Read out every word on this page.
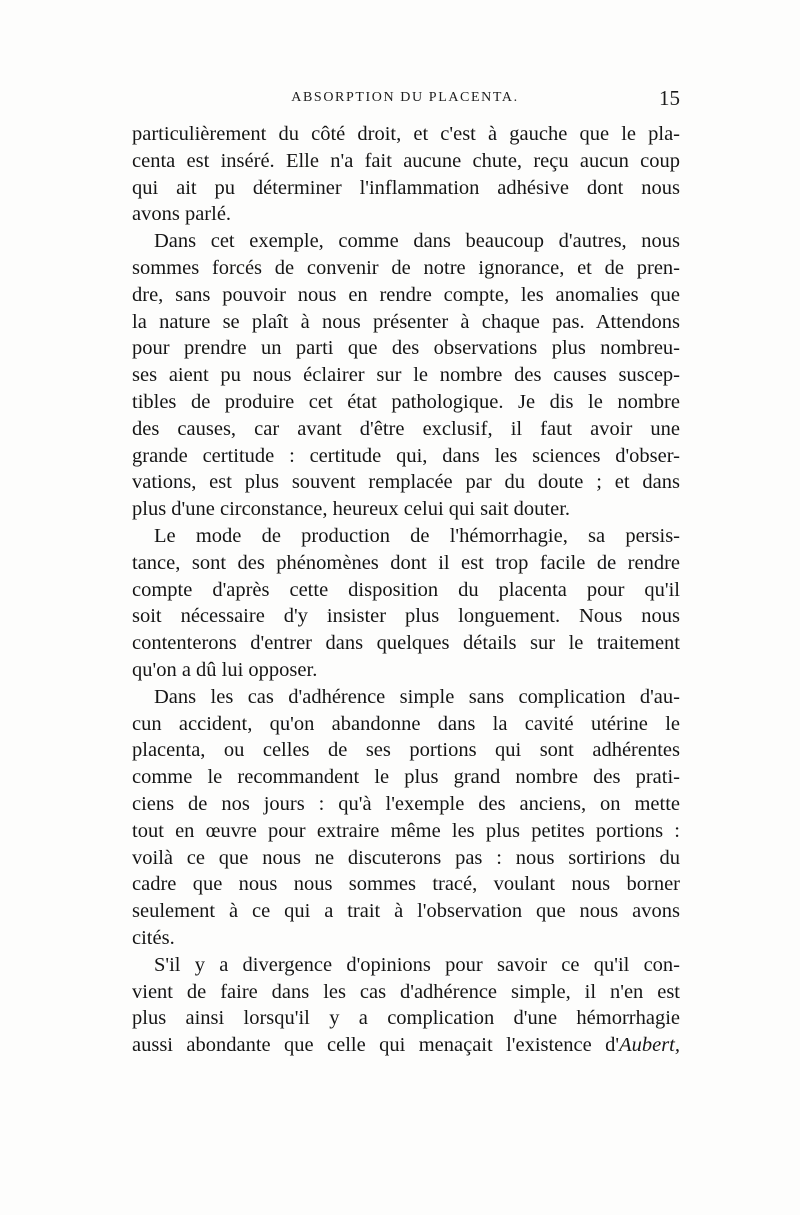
ABSORPTION DU PLACENTA.	15
particulièrement du côté droit, et c'est à gauche que le pla-
centa est inséré. Elle n'a fait aucune chute, reçu aucun coup
qui ait pu déterminer l'inflammation adhésive dont nous
avons parlé.
Dans cet exemple, comme dans beaucoup d'autres, nous
sommes forcés de convenir de notre ignorance, et de pren-
dre, sans pouvoir nous en rendre compte, les anomalies que
la nature se plaît à nous présenter à chaque pas. Attendons
pour prendre un parti que des observations plus nombreu-
ses aient pu nous éclairer sur le nombre des causes suscep-
tibles de produire cet état pathologique. Je dis le nombre
des causes, car avant d'être exclusif, il faut avoir une
grande certitude : certitude qui, dans les sciences d'obser-
vations, est plus souvent remplacée par du doute ; et dans
plus d'une circonstance, heureux celui qui sait douter.
Le mode de production de l'hémorrhagie, sa persis-
tance, sont des phénomènes dont il est trop facile de rendre
compte d'après cette disposition du placenta pour qu'il
soit nécessaire d'y insister plus longuement. Nous nous
contenterons d'entrer dans quelques détails sur le traitement
qu'on a dû lui opposer.
Dans les cas d'adhérence simple sans complication d'au-
cun accident, qu'on abandonne dans la cavité utérine le
placenta, ou celles de ses portions qui sont adhérentes
comme le recommandent le plus grand nombre des prati-
ciens de nos jours : qu'à l'exemple des anciens, on mette
tout en œuvre pour extraire même les plus petites portions :
voilà ce que nous ne discuterons pas : nous sortirions du
cadre que nous nous sommes tracé, voulant nous borner
seulement à ce qui a trait à l'observation que nous avons
cités.
S'il y a divergence d'opinions pour savoir ce qu'il con-
vient de faire dans les cas d'adhérence simple, il n'en est
plus ainsi lorsqu'il y a complication d'une hémorrhagie
aussi abondante que celle qui menaçait l'existence d'Aubert,
